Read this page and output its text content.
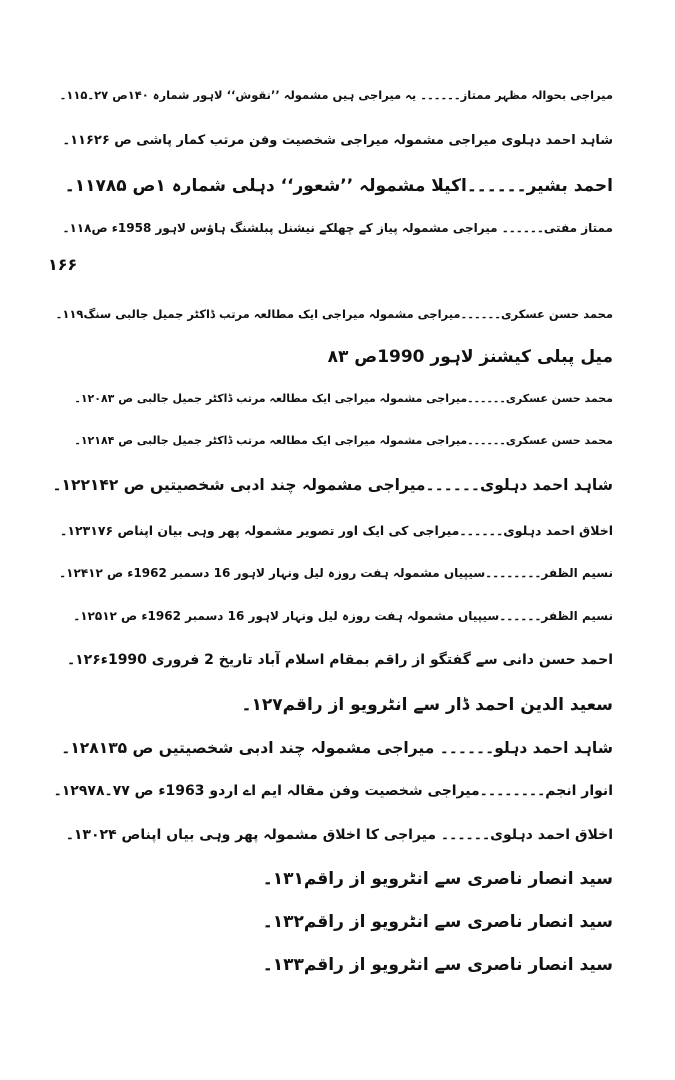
۱۱۵۔ میراجی بحوالہ مظہر ممتاز۔۔۔۔۔۔ یہ میراجی ہیں مشمولہ ’’نقوش‘‘ لاہور شمارہ ۱۴۰ص ۲۷۔
۱۱۶۔ شاہد احمد دہلوی میراجی مشمولہ میراجی شخصیت وفن مرتب کمار پاشی ص ۲۶
۱۱۷۔ احمد بشیر۔۔۔۔۔۔اکیلا مشمولہ ’’شعور‘‘ دہلی شمارہ ۱ص ۸۵
۱۱۸۔ ممتاز مفتی۔۔۔۔۔۔ میراجی مشمولہ پیاز کے چھلکے نیشنل پبلشنگ ہاؤس لاہور 1958ء ص
۱۶۶
۱۱۹۔ محمد حسن عسکری۔۔۔۔۔۔میراجی مشمولہ میراجی ایک مطالعہ مرتب ڈاکٹر جمیل جالبی سنگ
میل پبلی کیشنز لاہور 1990ص ۸۳
۱۲۰۔ محمد حسن عسکری۔۔۔۔۔۔میراجی مشمولہ میراجی ایک مطالعہ مرتب ڈاکٹر جمیل جالبی ص ۸۳
۱۲۱۔ محمد حسن عسکری۔۔۔۔۔۔میراجی مشمولہ میراجی ایک مطالعہ مرتب ڈاکٹر جمیل جالبی ص ۸۴
۱۲۲۔ شاہد احمد دہلوی۔۔۔۔۔۔میراجی مشمولہ چند ادبی شخصیتیں ص ۱۴۲
۱۲۳۔ اخلاق احمد دہلوی۔۔۔۔۔۔میراجی کی ایک اور تصویر مشمولہ پھر وہی بیان اپناص ۱۷۶
۱۲۴۔ نسیم الظفر۔۔۔۔۔۔۔۔سیپیاں مشمولہ ہفت روزہ لیل ونہار لاہور 16 دسمبر 1962ء ص ۱۲
۱۲۵۔ نسیم الظفر۔۔۔۔۔۔سیپیاں مشمولہ ہفت روزہ لیل ونہار لاہور 16 دسمبر 1962ء ص ۱۲
۱۲۶۔ احمد حسن دانی سے گفتگو از راقم بمقام اسلام آباد تاریخ 2 فروری 1990ء
۱۲۷۔ سعید الدین احمد ڈار سے انٹرویو از راقم
۱۲۸۔ شاہد احمد دہلو۔۔۔۔۔۔ میراجی مشمولہ چند ادبی شخصیتیں ص ۱۳۵
۱۲۹۔ انوار انجم۔۔۔۔۔۔۔۔میراجی شخصیت وفن مقالہ ایم اے اردو 1963ء ص ۷۷۔۷۸
۱۳۰۔ اخلاق احمد دہلوی۔۔۔۔۔۔ میراجی کا اخلاق مشمولہ پھر وہی بیاں اپناص ۲۴
۱۳۱۔ سید انصار ناصری سے انٹرویو از راقم
۱۳۲۔ سید انصار ناصری سے انٹرویو از راقم
۱۳۳۔ سید انصار ناصری سے انٹرویو از راقم
